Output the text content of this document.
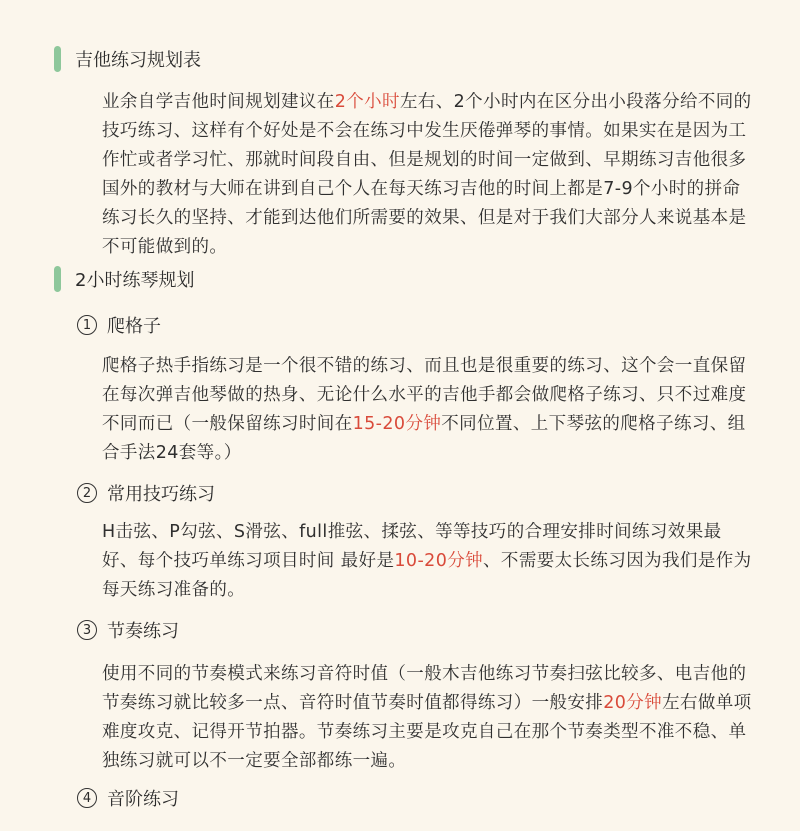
吉他练习规划表

业余自学吉他时间规划建议在2个小时左右、2个小时内在区分出小段落分给不同的技巧练习、这样有个好处是不会在练习中发生厌倦弹琴的事情。如果实在是因为工作忙或者学习忙、那就时间段自由、但是规划的时间一定做到、早期练习吉他很多国外的教材与大师在讲到自己个人在每天练习吉他的时间上都是7-9个小时的拼命练习长久的坚持、才能到达他们所需要的效果、但是对于我们大部分人来说基本是不可能做到的。

2小时练琴规划
1 爬格子

爬格子热手指练习是一个很不错的练习、而且也是很重要的练习、这个会一直保留在每次弹吉他琴做的热身、无论什么水平的吉他手都会做爬格子练习、只不过难度不同而已（一般保留练习时间在15-20分钟不同位置、上下琴弦的爬格子练习、组合手法24套等。）

2 常用技巧练习

H击弦、P勾弦、S滑弦、full推弦、揉弦、等等技巧的合理安排时间练习效果最好、每个技巧单练习项目时间 最好是10-20分钟、不需要太长练习因为我们是作为每天练习准备的。

3 节奏练习

使用不同的节奏模式来练习音符时值（一般木吉他练习节奏扫弦比较多、电吉他的节奏练习就比较多一点、音符时值节奏时值都得练习）一般安排20分钟左右做单项难度攻克、记得开节拍器。节奏练习主要是攻克自己在那个节奏类型不准不稳、单独练习就可以不一定要全部都练一遍。

4 音阶练习
